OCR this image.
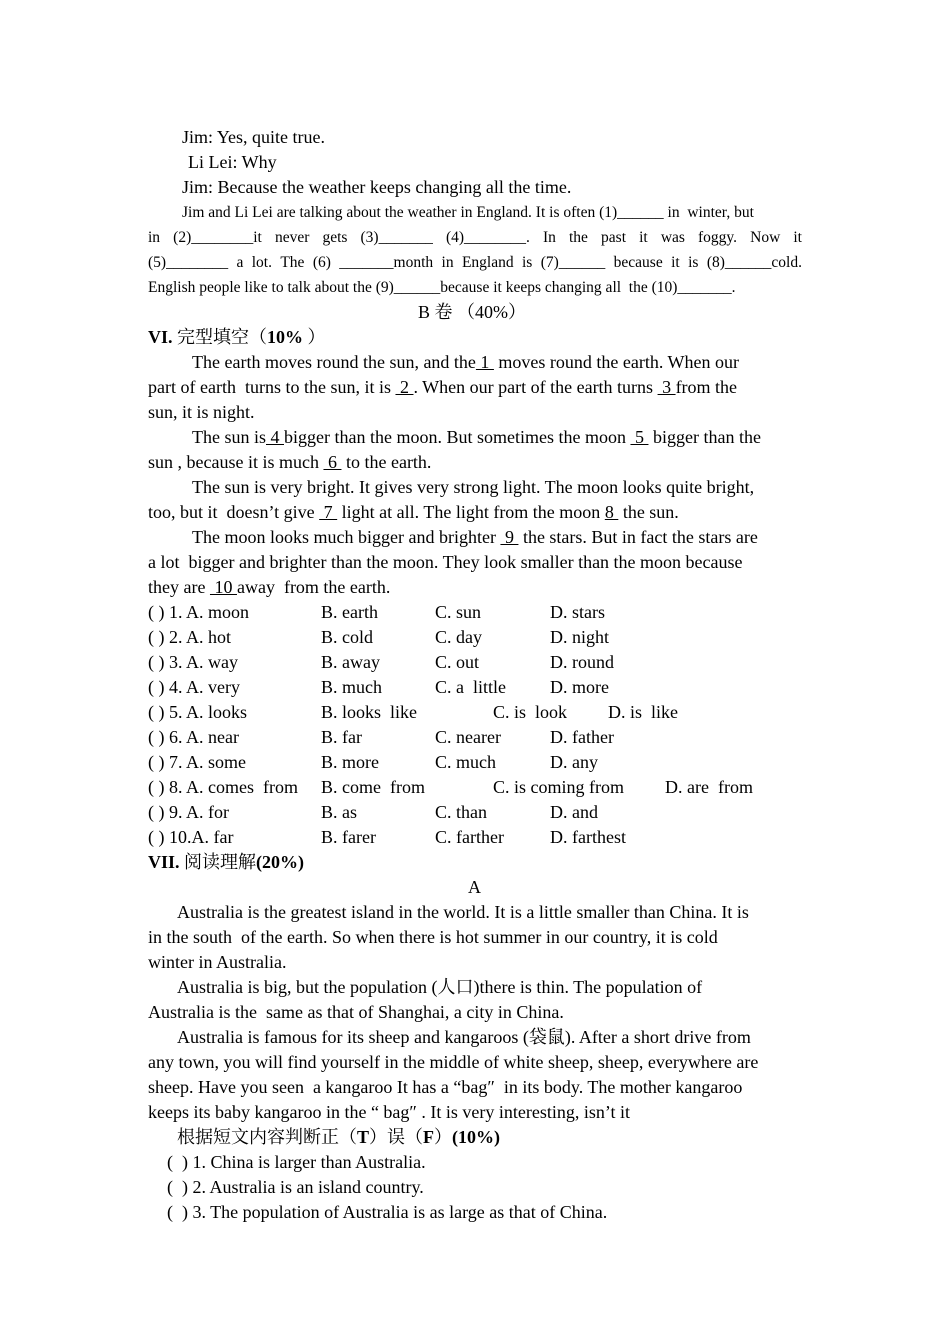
Jim: Yes, quite true.
Li Lei: Why
Jim: Because the weather keeps changing all the time.
Jim and Li Lei are talking about the weather in England. It is often (1)______ in  winter, but
in (2)________it never gets (3)_______ (4)________. In the past it was foggy. Now it
(5)________ a lot. The (6) _______month in England is (7)______ because it is (8)______cold.
English people like to talk about the (9)______because it keeps changing all  the (10)_______.
B 卷 （40%）
VI. 完型填空（10% ）
The earth moves round the sun, and the 1  moves round the earth. When our
part of earth  turns to the sun, it is  2 . When our part of the earth turns  3 from the
sun, it is night.
The sun is 4 bigger than the moon. But sometimes the moon  5  bigger than the
sun , because it is much  6  to the earth.
The sun is very bright. It gives very strong light. The moon looks quite bright,
too, but it  doesn’t give  7  light at all. The light from the moon 8  the sun.
The moon looks much bigger and brighter  9  the stars. But in fact the stars are
a lot  bigger and brighter than the moon. They look smaller than the moon because
they are  10 away  from the earth.
( ) 1. A. moon	B. earth	C. sun	D. stars
( ) 2. A. hot	B. cold	C. day	D. night
( ) 3. A. way	B. away	C. out	D. round
( ) 4. A. very	B. much	C. a  little D. more
( ) 5. A. looks	B. looks  like	C. is  look D. is  like
( ) 6. A. near	B. far	C. nearer	D. father
( ) 7. A. some	B. more	C. much	D. any
( ) 8. A. comes  from B. come  from	C. is coming from D. are  from
( ) 9. A. for	B. as	C. than	D. and
( ) 10.A. far	B. farer	C. farther	D. farthest
VII. 阅读理解(20%)
A
Australia is the greatest island in the world. It is a little smaller than China. It is
in the south  of the earth. So when there is hot summer in our country, it is cold
winter in Australia.
Australia is big, but the population (人口)there is thin. The population of
Australia is the  same as that of Shanghai, a city in China.
Australia is famous for its sheep and kangaroos (袋鼠). After a short drive from
any town, you will find yourself in the middle of white sheep, sheep, everywhere are
sheep. Have you seen  a kangaroo It has a “bag″  in its body. The mother kangaroo
keeps its baby kangaroo in the “ bag″ . It is very interesting, isn’t it
根据短文内容判断正（T）误（F）(10%)
(  ) 1. China is larger than Australia.
(  ) 2. Australia is an island country.
(  ) 3. The population of Australia is as large as that of China.
